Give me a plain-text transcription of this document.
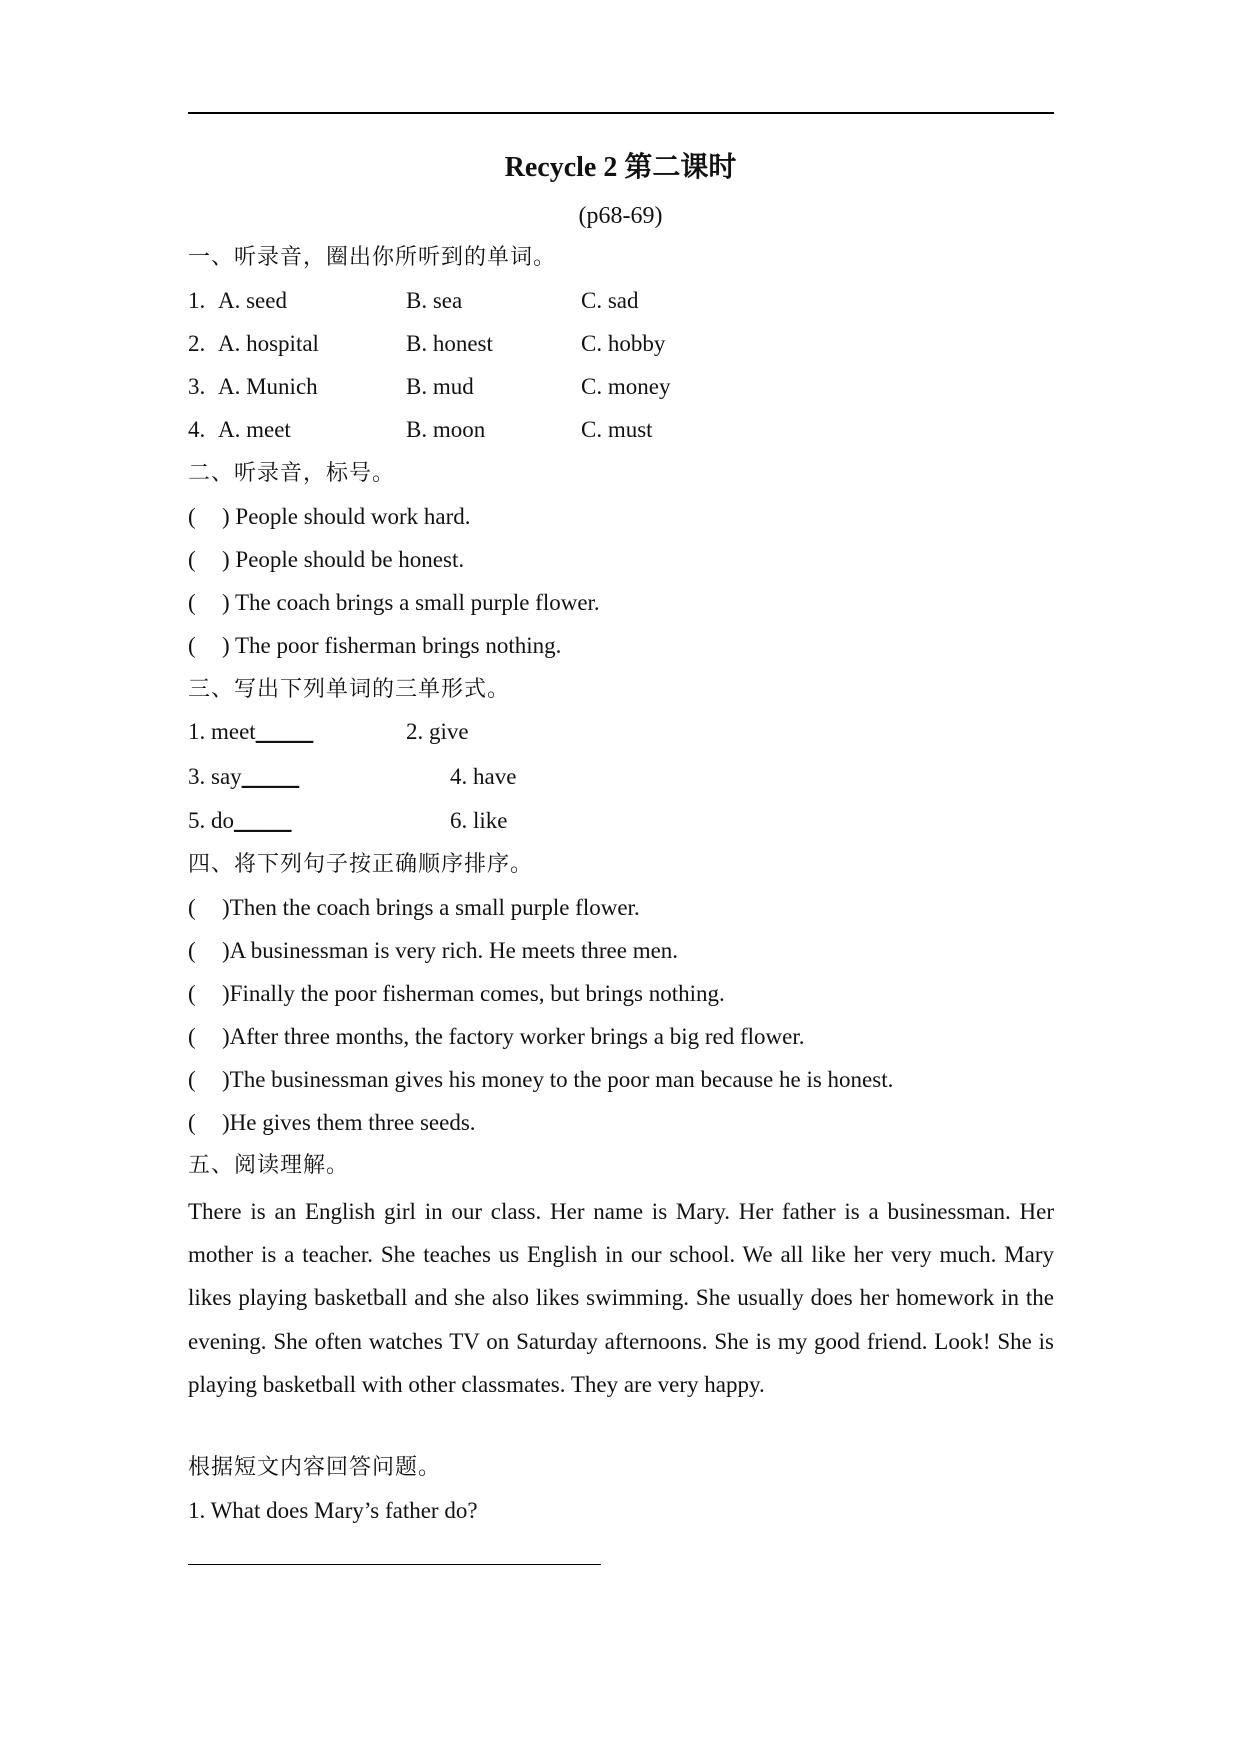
Recycle 2 第二课时
(p68-69)
一、听录音，圈出你所听到的单词。
1. A. seed	B. sea	C. sad
2. A. hospital	B. honest	C. hobby
3. A. Munich	B. mud	C. money
4. A. meet	B. moon	C. must
二、听录音，标号。
( ) People should work hard.
( ) People should be honest.
( ) The coach brings a small purple flower.
( ) The poor fisherman brings nothing.
三、写出下列单词的三单形式。
1. meet_____	2. give
3. say_____	4. have
5. do_____	6. like
四、将下列句子按正确顺序排序。
( )Then the coach brings a small purple flower.
( )A businessman is very rich. He meets three men.
( )Finally the poor fisherman comes, but brings nothing.
( )After three months, the factory worker brings a big red flower.
( )The businessman gives his money to the poor man because he is honest.
( )He gives them three seeds.
五、阅读理解。
There is an English girl in our class. Her name is Mary. Her father is a businessman. Her mother is a teacher. She teaches us English in our school. We all like her very much. Mary likes playing basketball and she also likes swimming. She usually does her homework in the evening. She often watches TV on Saturday afternoons. She is my good friend. Look! She is playing basketball with other classmates. They are very happy.
根据短文内容回答问题。
1. What does Mary’s father do?
